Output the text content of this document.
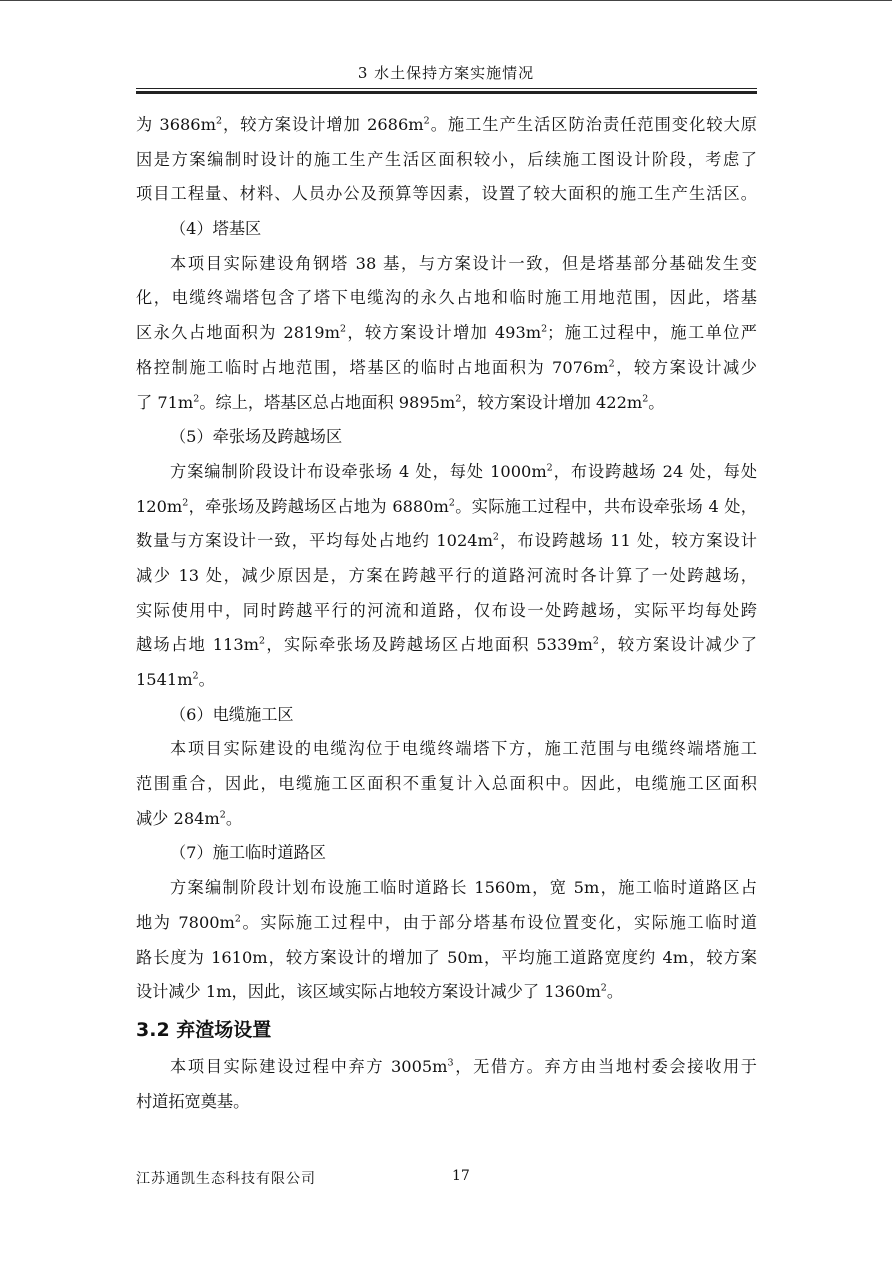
3 水土保持方案实施情况
为 $3686m^2$，较方案设计增加 $2686m^2$。施工生产生活区防治责任范围变化较大原
因是方案编制时设计的施工生产生活区面积较小，后续施工图设计阶段，考虑了
项目工程量、材料、人员办公及预算等因素，设置了较大面积的施工生产生活区。
（4）塔基区
本项目实际建设角钢塔 38 基，与方案设计一致，但是塔基部分基础发生变
化，电缆终端塔包含了塔下电缆沟的永久占地和临时施工用地范围，因此，塔基
区永久占地面积为 $2819m^2$，较方案设计增加 $493m^2$；施工过程中，施工单位严
格控制施工临时占地范围，塔基区的临时占地面积为 $7076m^2$，较方案设计减少
了 $71m^2$。综上，塔基区总占地面积 $9895m^2$，较方案设计增加 $422m^2$。
（5）牵张场及跨越场区
方案编制阶段设计布设牵张场 4 处，每处 $1000m^2$，布设跨越场 24 处，每处
$120m^2$，牵张场及跨越场区占地为 $6880m^2$。实际施工过程中，共布设牵张场 4 处，
数量与方案设计一致，平均每处占地约 $1024m^2$，布设跨越场 11 处，较方案设计
减少 13 处，减少原因是，方案在跨越平行的道路河流时各计算了一处跨越场，
实际使用中，同时跨越平行的河流和道路，仅布设一处跨越场，实际平均每处跨
越场占地 $113m^2$，实际牵张场及跨越场区占地面积 $5339m^2$，较方案设计减少了
$1541m^2$。
（6）电缆施工区
本项目实际建设的电缆沟位于电缆终端塔下方，施工范围与电缆终端塔施工
范围重合，因此，电缆施工区面积不重复计入总面积中。因此，电缆施工区面积
减少 $284m^2$。
（7）施工临时道路区
方案编制阶段计划布设施工临时道路长 1560m，宽 5m，施工临时道路区占
地为 $7800m^2$。实际施工过程中，由于部分塔基布设位置变化，实际施工临时道
路长度为 1610m，较方案设计的增加了 50m，平均施工道路宽度约 4m，较方案
设计减少 1m，因此，该区域实际占地较方案设计减少了 $1360m^2$。
3.2 弃渣场设置
本项目实际建设过程中弃方 $3005m^3$，无借方。弃方由当地村委会接收用于
村道拓宽奠基。
江苏通凯生态科技有限公司	17
